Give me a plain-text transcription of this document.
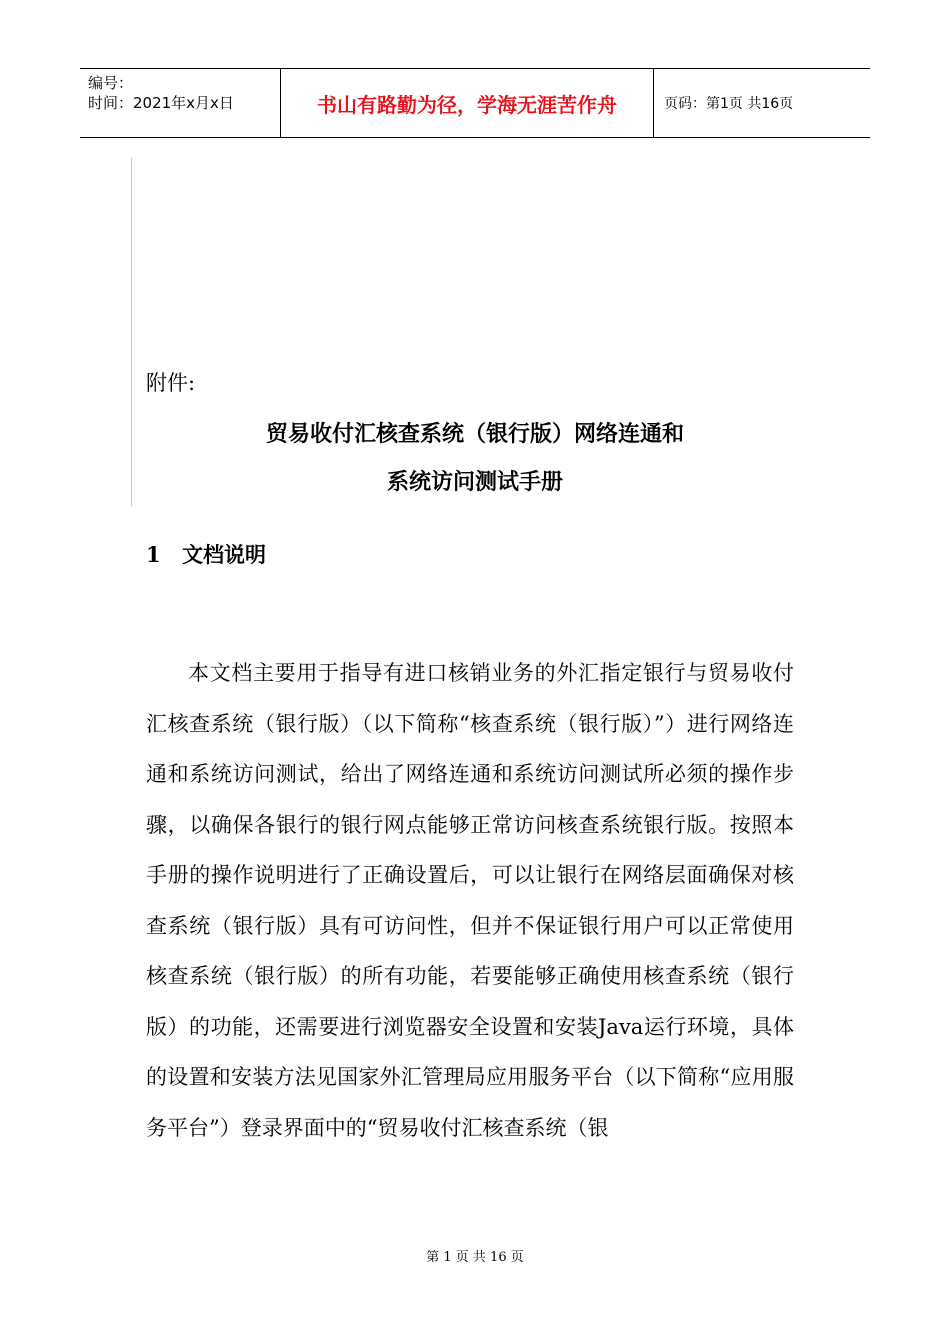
编号：
时间：2021年x月x日	书山有路勤为径，学海无涯苦作舟	页码：第1页 共16页
附件:
贸易收付汇核查系统（银行版）网络连通和
系统访问测试手册
1	文档说明

本文档主要用于指导有进口核销业务的外汇指定银行与贸易收付汇核查系统（银行版）（以下简称“核查系统（银行版）”）进行网络连通和系统访问测试，给出了网络连通和系统访问测试所必须的操作步骤，以确保各银行的银行网点能够正常访问核查系统银行版。按照本手册的操作说明进行了正确设置后，可以让银行在网络层面确保对核查系统（银行版）具有可访问性，但并不保证银行用户可以正常使用核查系统（银行版）的所有功能，若要能够正确使用核查系统（银行版）的功能，还需要进行浏览器安全设置和安装Java运行环境，具体的设置和安装方法见国家外汇管理局应用服务平台（以下简称“应用服务平台”）登录界面中的“贸易收付汇核查系统（银

第 1 页 共 16 页
